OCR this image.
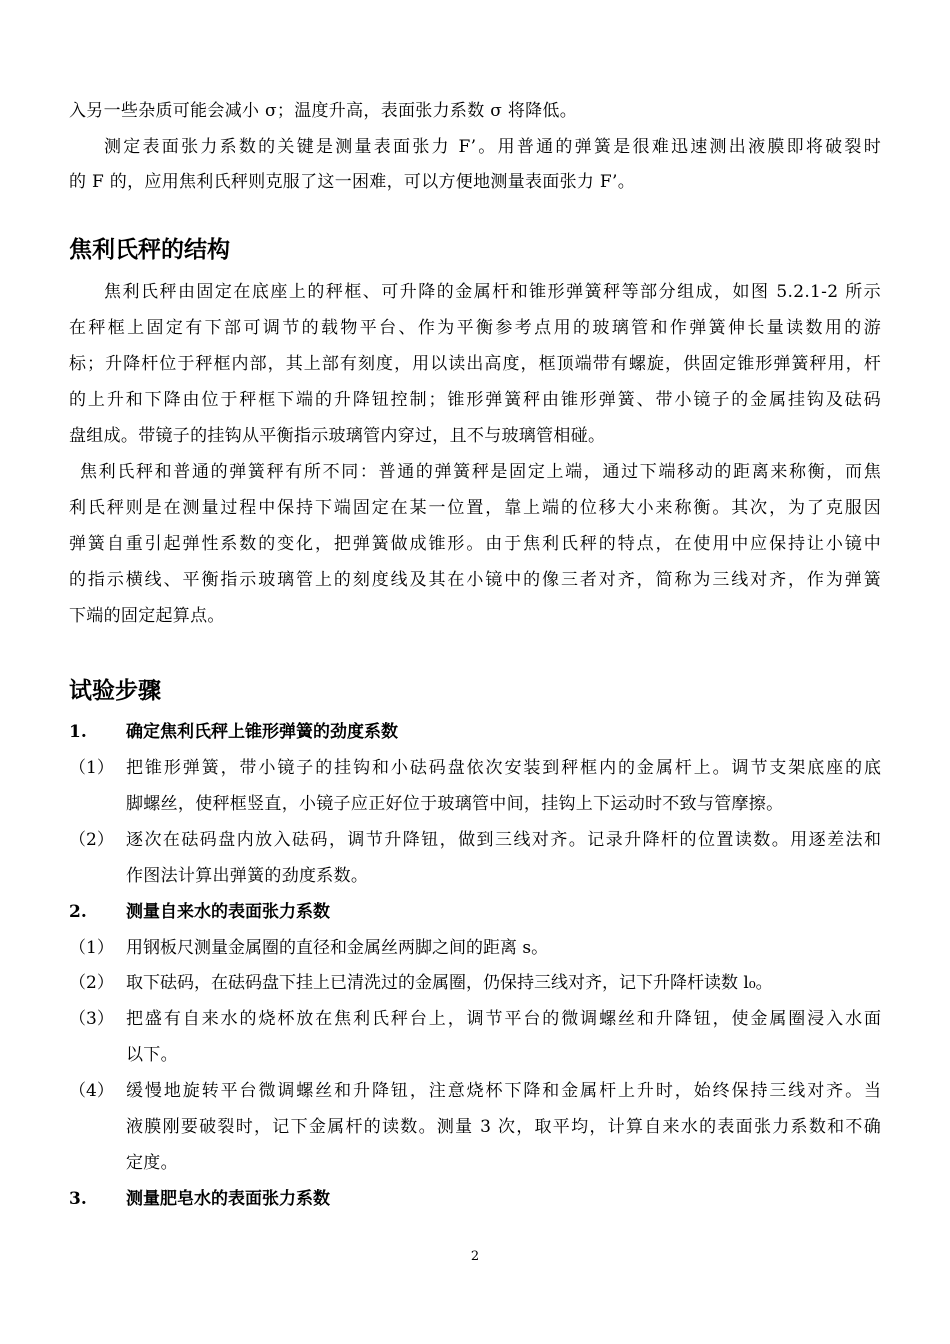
入另一些杂质可能会减小 σ；温度升高，表面张力系数 σ 将降低。
测定表面张力系数的关键是测量表面张力 F’。用普通的弹簧是很难迅速测出液膜即将破裂时
的 F 的，应用焦利氏秤则克服了这一困难，可以方便地测量表面张力 F’。
焦利氏秤的结构
焦利氏秤由固定在底座上的秤框、可升降的金属杆和锥形弹簧秤等部分组成，如图 5.2.1-2 所示
在秤框上固定有下部可调节的载物平台、作为平衡参考点用的玻璃管和作弹簧伸长量读数用的游
标；升降杆位于秤框内部，其上部有刻度，用以读出高度，框顶端带有螺旋，供固定锥形弹簧秤用，杆
的上升和下降由位于秤框下端的升降钮控制；锥形弹簧秤由锥形弹簧、带小镜子的金属挂钩及砝码
盘组成。带镜子的挂钩从平衡指示玻璃管内穿过，且不与玻璃管相碰。
焦利氏秤和普通的弹簧秤有所不同：普通的弹簧秤是固定上端，通过下端移动的距离来称衡，而焦
利氏秤则是在测量过程中保持下端固定在某一位置，靠上端的位移大小来称衡。其次，为了克服因
弹簧自重引起弹性系数的变化，把弹簧做成锥形。由于焦利氏秤的特点，在使用中应保持让小镜中
的指示横线、平衡指示玻璃管上的刻度线及其在小镜中的像三者对齐，简称为三线对齐，作为弹簧
下端的固定起算点。
试验步骤
1.	确定焦利氏秤上锥形弹簧的劲度系数
（1） 把锥形弹簧，带小镜子的挂钩和小砝码盘依次安装到秤框内的金属杆上。调节支架底座的底
脚螺丝，使秤框竖直，小镜子应正好位于玻璃管中间，挂钩上下运动时不致与管摩擦。
（2） 逐次在砝码盘内放入砝码，调节升降钮，做到三线对齐。记录升降杆的位置读数。用逐差法和
作图法计算出弹簧的劲度系数。
2.	测量自来水的表面张力系数
（1） 用钢板尺测量金属圈的直径和金属丝两脚之间的距离 s。
（2） 取下砝码，在砝码盘下挂上已清洗过的金属圈，仍保持三线对齐，记下升降杆读数 l₀。
（3） 把盛有自来水的烧杯放在焦利氏秤台上，调节平台的微调螺丝和升降钮，使金属圈浸入水面
以下。
（4） 缓慢地旋转平台微调螺丝和升降钮，注意烧杯下降和金属杆上升时，始终保持三线对齐。当
液膜刚要破裂时，记下金属杆的读数。测量 3 次，取平均，计算自来水的表面张力系数和不确
定度。
3.	测量肥皂水的表面张力系数
2
